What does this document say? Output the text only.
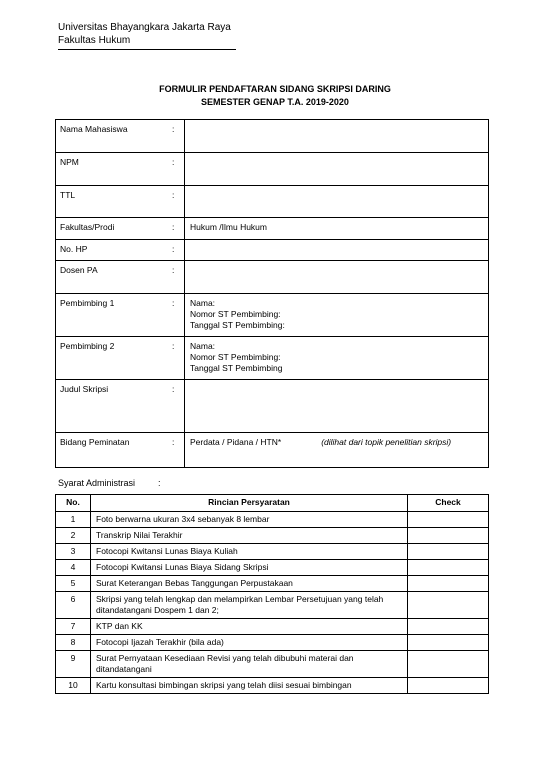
Universitas Bhayangkara Jakarta Raya
Fakultas Hukum
FORMULIR PENDAFTARAN SIDANG SKRIPSI DARING
SEMESTER GENAP T.A. 2019-2020
Nama Mahasiswa	:	
NPM	:	
TTL	:	
Fakultas/Prodi	:	Hukum /Ilmu Hukum
No. HP	:	
Dosen PA	:	
Pembimbing 1	:	Nama:
Nomor ST Pembimbing:
Tanggal ST Pembimbing:

Pembimbing 2	:	Nama:
Nomor ST Pembimbing:
Tanggal ST Pembimbing

Judul Skripsi	:	
Bidang Peminatan	:	Perdata / Pidana / HTN* (dilihat dari topik penelitian skripsi)
Syarat Administrasi	:
No.	Rincian Persyaratan	Check
1	Foto berwarna ukuran 3x4 sebanyak 8 lembar	
2	Transkrip Nilai Terakhir	
3	Fotocopi Kwitansi Lunas Biaya Kuliah	
4	Fotocopi Kwitansi Lunas Biaya Sidang Skripsi	
5	Surat Keterangan Bebas Tanggungan Perpustakaan	
6	Skripsi yang telah lengkap dan melampirkan Lembar Persetujuan yang telah ditandatangani Dospem 1 dan 2;	
7	KTP dan KK	
8	Fotocopi Ijazah Terakhir (bila ada)	
9	Surat Pernyataan Kesediaan Revisi yang telah dibubuhi materai dan ditandatangani	
10	Kartu konsultasi bimbingan skripsi yang telah diisi sesuai bimbingan	
